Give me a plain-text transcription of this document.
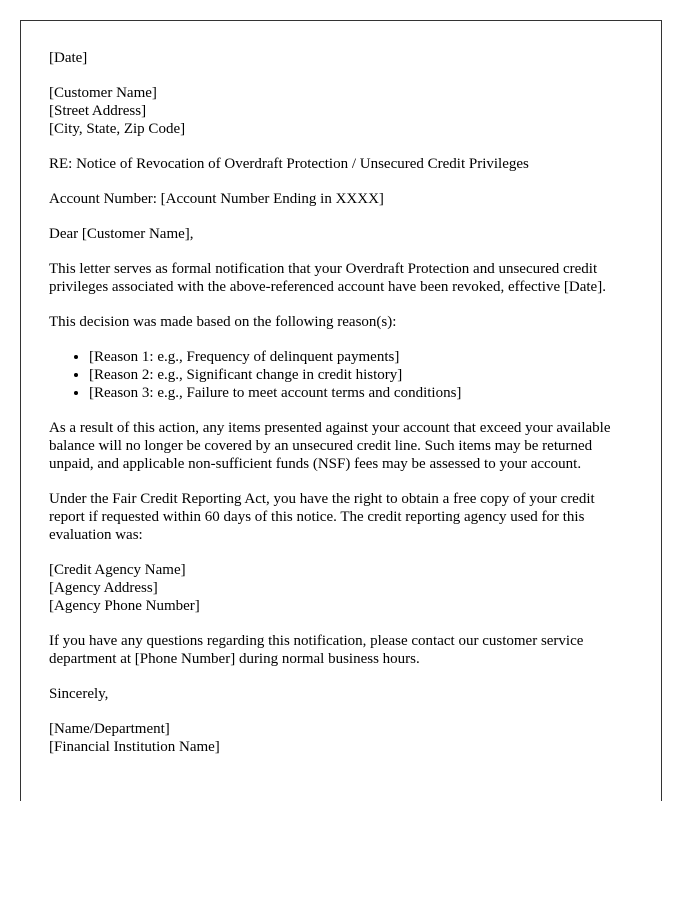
[Date]

[Customer Name]
[Street Address]
[City, State, Zip Code]

RE: Notice of Revocation of Overdraft Protection / Unsecured Credit Privileges

Account Number: [Account Number Ending in XXXX]

Dear [Customer Name],

This letter serves as formal notification that your Overdraft Protection and unsecured credit privileges associated with the above-referenced account have been revoked, effective [Date].

This decision was made based on the following reason(s):

• [Reason 1: e.g., Frequency of delinquent payments]
• [Reason 2: e.g., Significant change in credit history]
• [Reason 3: e.g., Failure to meet account terms and conditions]

As a result of this action, any items presented against your account that exceed your available balance will no longer be covered by an unsecured credit line. Such items may be returned unpaid, and applicable non-sufficient funds (NSF) fees may be assessed to your account.

Under the Fair Credit Reporting Act, you have the right to obtain a free copy of your credit report if requested within 60 days of this notice. The credit reporting agency used for this evaluation was:

[Credit Agency Name]
[Agency Address]
[Agency Phone Number]

If you have any questions regarding this notification, please contact our customer service department at [Phone Number] during normal business hours.

Sincerely,

[Name/Department]
[Financial Institution Name]
